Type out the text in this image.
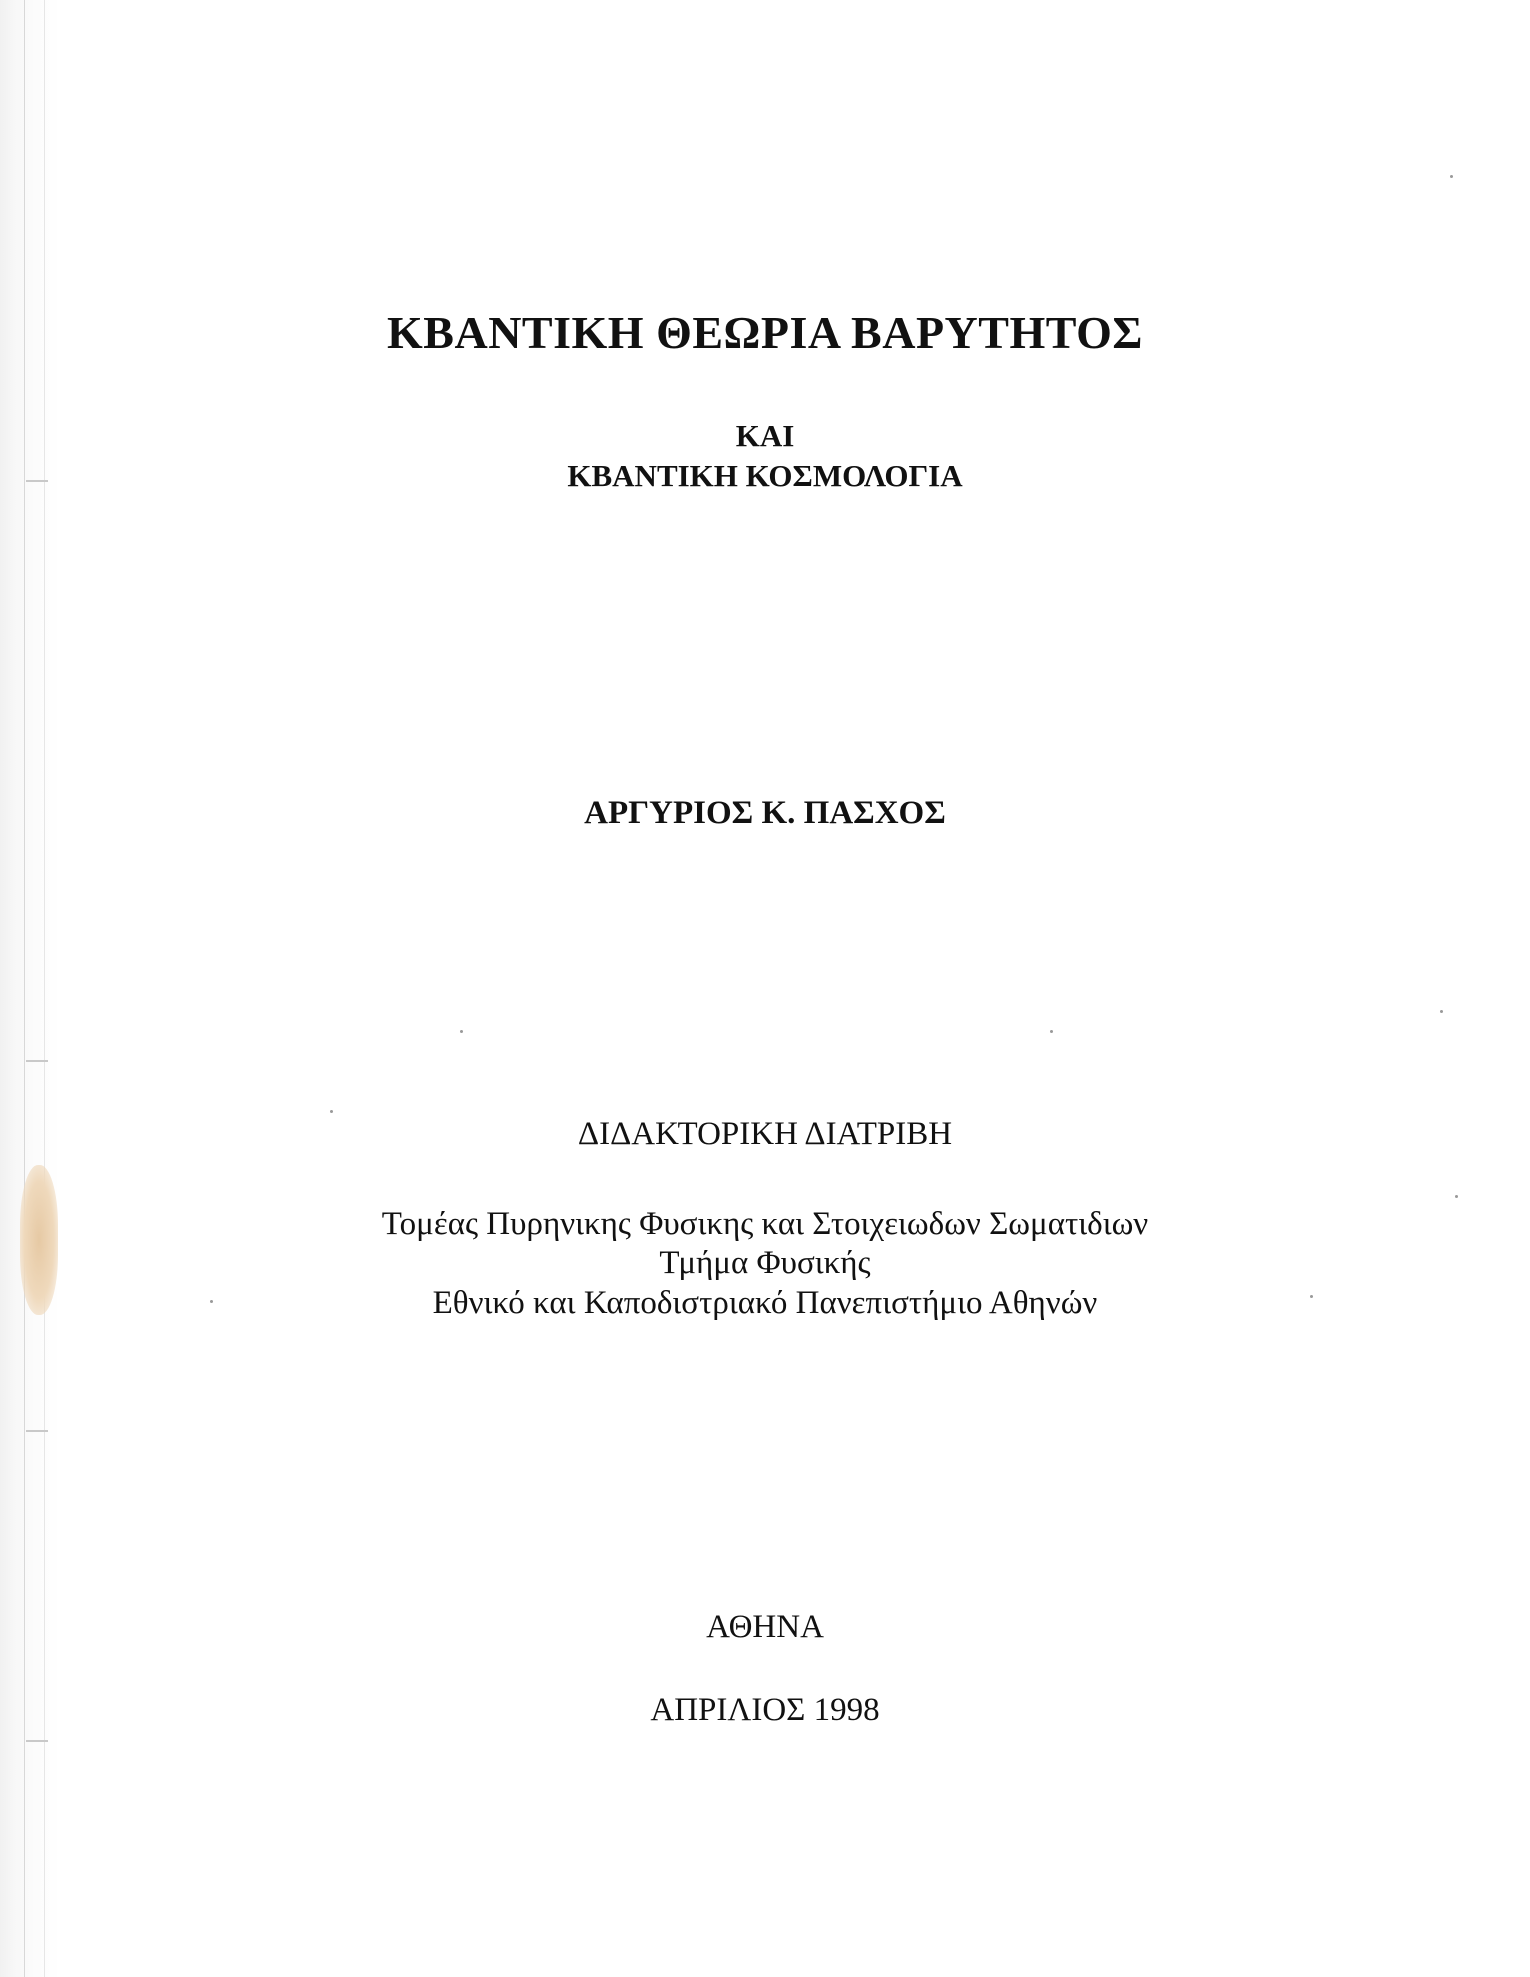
ΚΒΑΝΤΙΚΗ ΘΕΩΡΙΑ ΒΑΡΥΤΗΤΟΣ
ΚΑΙ
ΚΒΑΝΤΙΚΗ ΚΟΣΜΟΛΟΓΙΑ
ΑΡΓΥΡΙΟΣ Κ. ΠΑΣΧΟΣ
ΔΙΔΑΚΤΟΡΙΚΗ ΔΙΑΤΡΙΒΗ
Τομέας Πυρηνικης Φυσικης και Στοιχειωδων Σωματιδιων
Τμήμα Φυσικής
Εθνικό και Καποδιστριακό Πανεπιστήμιο Αθηνών
ΑΘΗΝΑ
ΑΠΡΙΛΙΟΣ 1998
